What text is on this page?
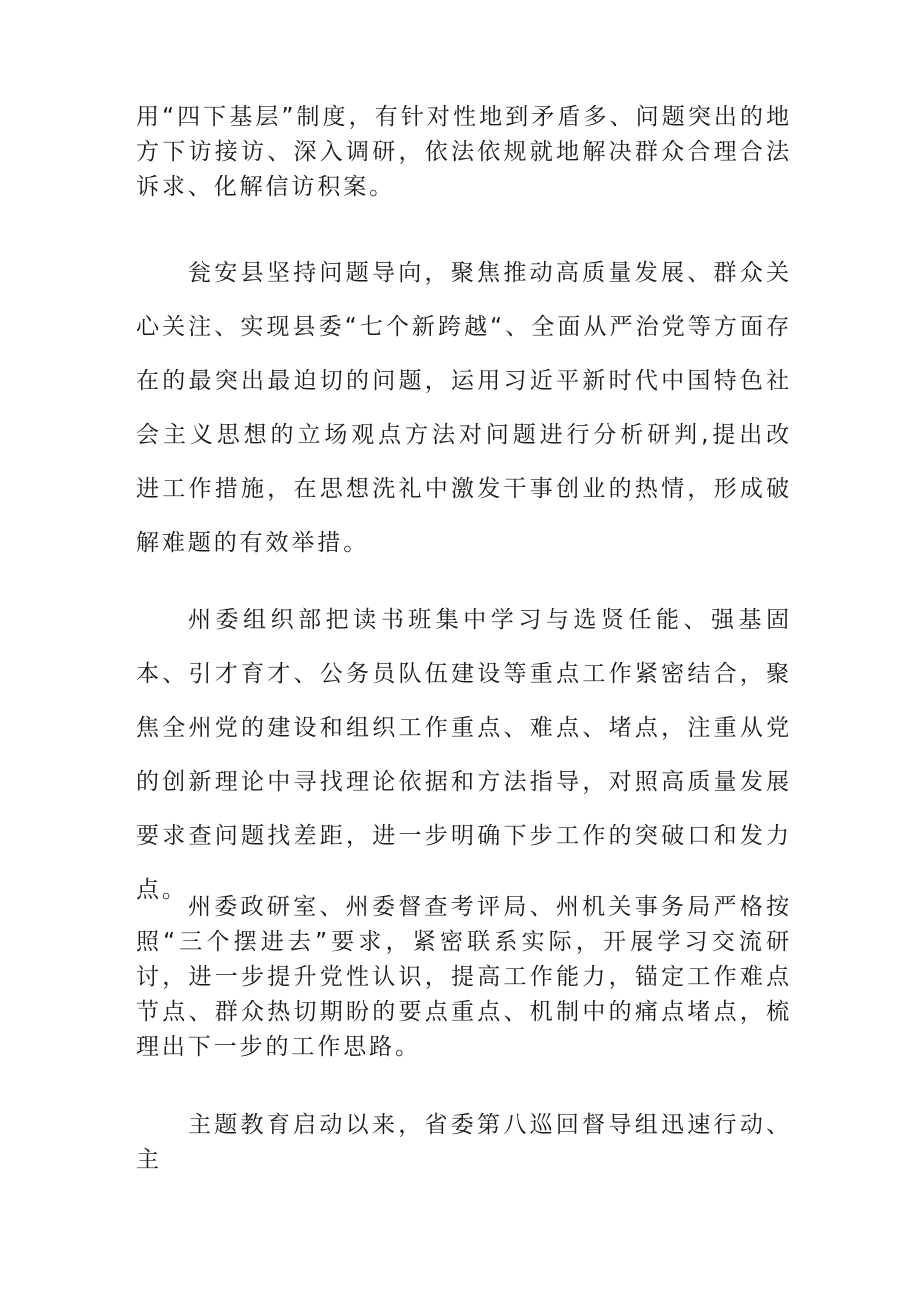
用“四下基层”制度，有针对性地到矛盾多、问题突出的地方下访接访、深入调研，依法依规就地解决群众合理合法诉求、化解信访积案。

瓮安县坚持问题导向，聚焦推动高质量发展、群众关心关注、实现县委“七个新跨越“、全面从严治党等方面存在的最突出最迫切的问题，运用习近平新时代中国特色社会主义思想的立场观点方法对问题进行分析研判,提出改进工作措施，在思想洗礼中激发干事创业的热情，形成破解难题的有效举措。

州委组织部把读书班集中学习与选贤任能、强基固本、引才育才、公务员队伍建设等重点工作紧密结合，聚焦全州党的建设和组织工作重点、难点、堵点，注重从党的创新理论中寻找理论依据和方法指导，对照高质量发展要求查问题找差距，进一步明确下步工作的突破口和发力点。

州委政研室、州委督查考评局、州机关事务局严格按照“三个摆进去”要求，紧密联系实际，开展学习交流研讨，进一步提升党性认识，提高工作能力，锚定工作难点节点、群众热切期盼的要点重点、机制中的痛点堵点，梳理出下一步的工作思路。

主题教育启动以来，省委第八巡回督导组迅速行动、主
